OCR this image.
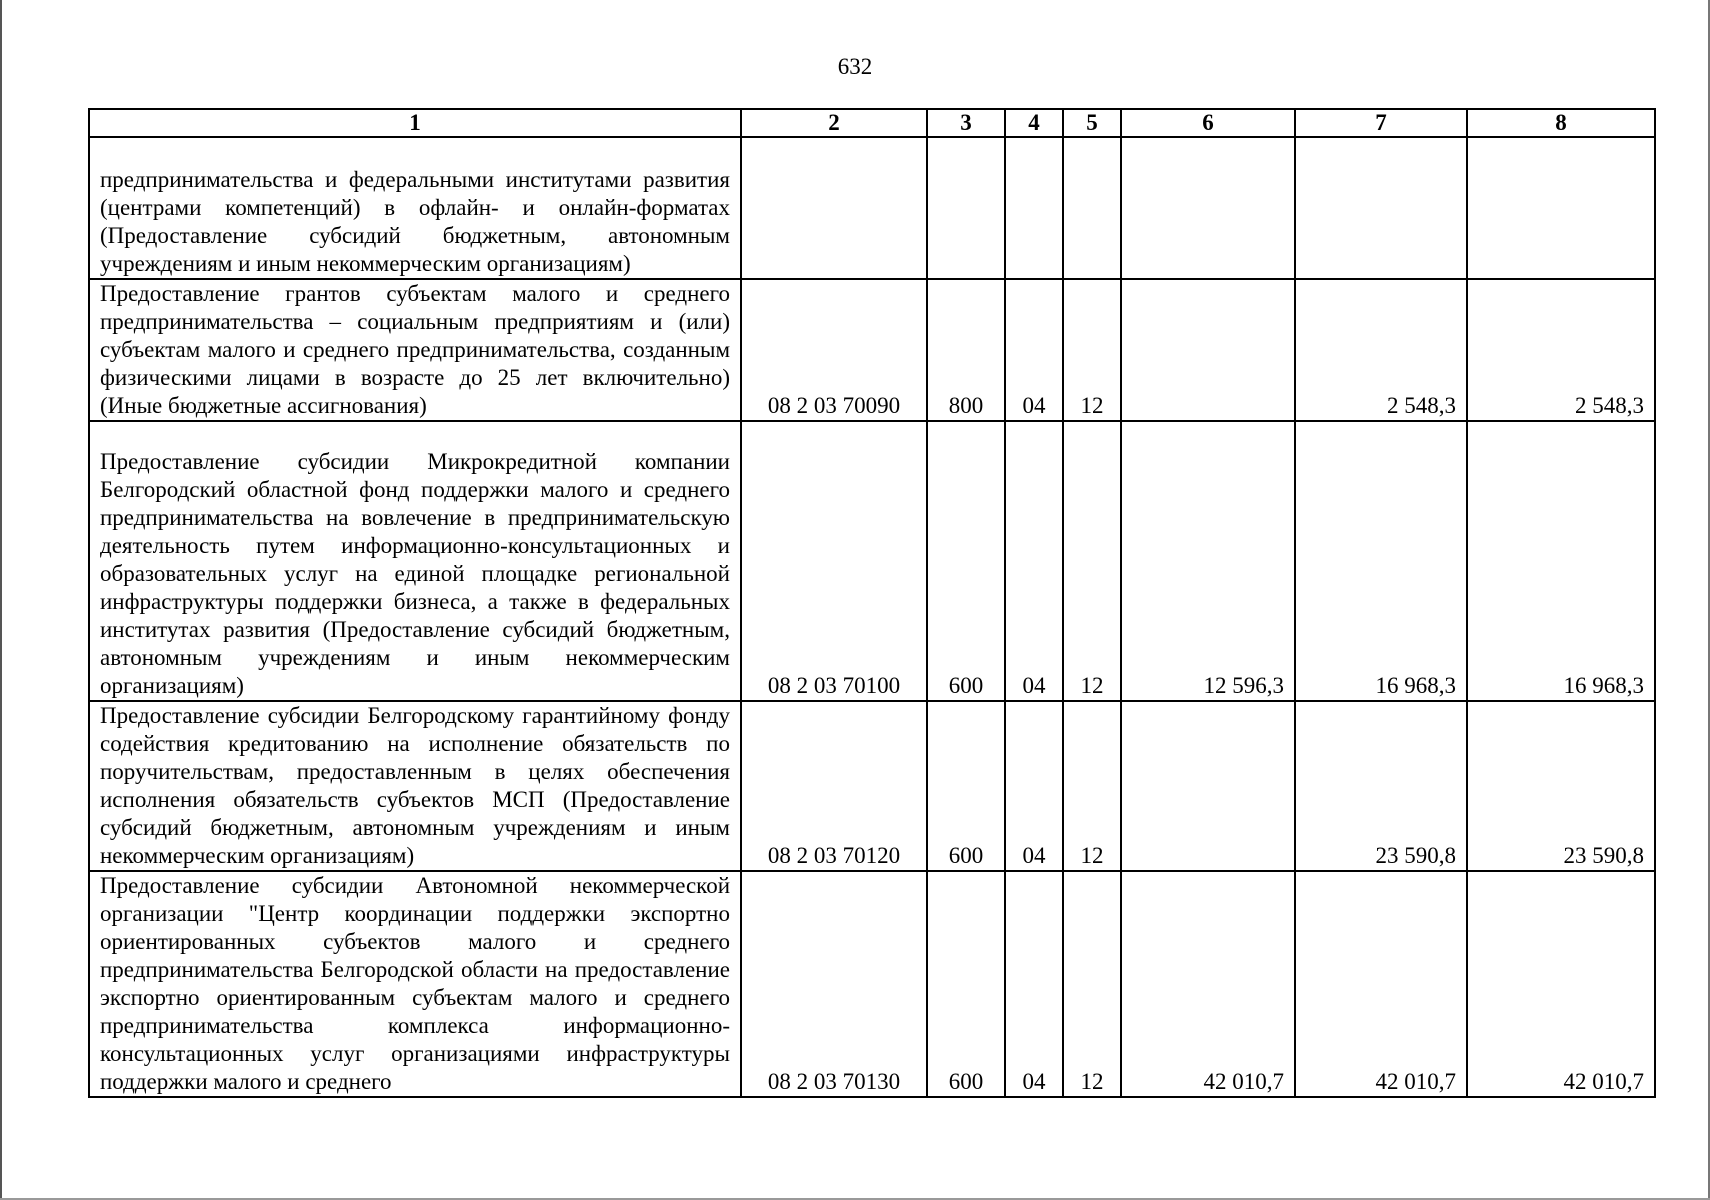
632
1	2	3	4	5	6	7	8
предпринимательства и федеральными институтами развития (центрами компетенций) в офлайн- и онлайн-форматах (Предоставление субсидий бюджетным, автономным учреждениям и иным некоммерческим организациям)							
Предоставление грантов субъектам малого и среднего предпринимательства – социальным предприятиям и (или) субъектам малого и среднего предпринимательства, созданным физическими лицами в возрасте до 25 лет включительно) (Иные бюджетные ассигнования)	08 2 03 70090	800	04	12		2 548,3	2 548,3
Предоставление субсидии Микрокредитной компании Белгородский областной фонд поддержки малого и среднего предпринимательства на вовлечение в предпринимательскую деятельность путем информационно-консультационных и образовательных услуг на единой площадке региональной инфраструктуры поддержки бизнеса, а также в федеральных институтах развития (Предоставление субсидий бюджетным, автономным учреждениям и иным некоммерческим организациям)	08 2 03 70100	600	04	12	12 596,3	16 968,3	16 968,3
Предоставление субсидии Белгородскому гарантийному фонду содействия кредитованию на исполнение обязательств по поручительствам, предоставленным в целях обеспечения исполнения обязательств субъектов МСП (Предоставление субсидий бюджетным, автономным учреждениям и иным некоммерческим организациям)	08 2 03 70120	600	04	12		23 590,8	23 590,8
Предоставление субсидии Автономной некоммерческой организации "Центр координации поддержки экспортно ориентированных субъектов малого и среднего предпринимательства Белгородской области на предоставление экспортно ориентированным субъектам малого и среднего предпринимательства комплекса информационно-консультационных услуг организациями инфраструктуры поддержки малого и среднего	08 2 03 70130	600	04	12	42 010,7	42 010,7	42 010,7
